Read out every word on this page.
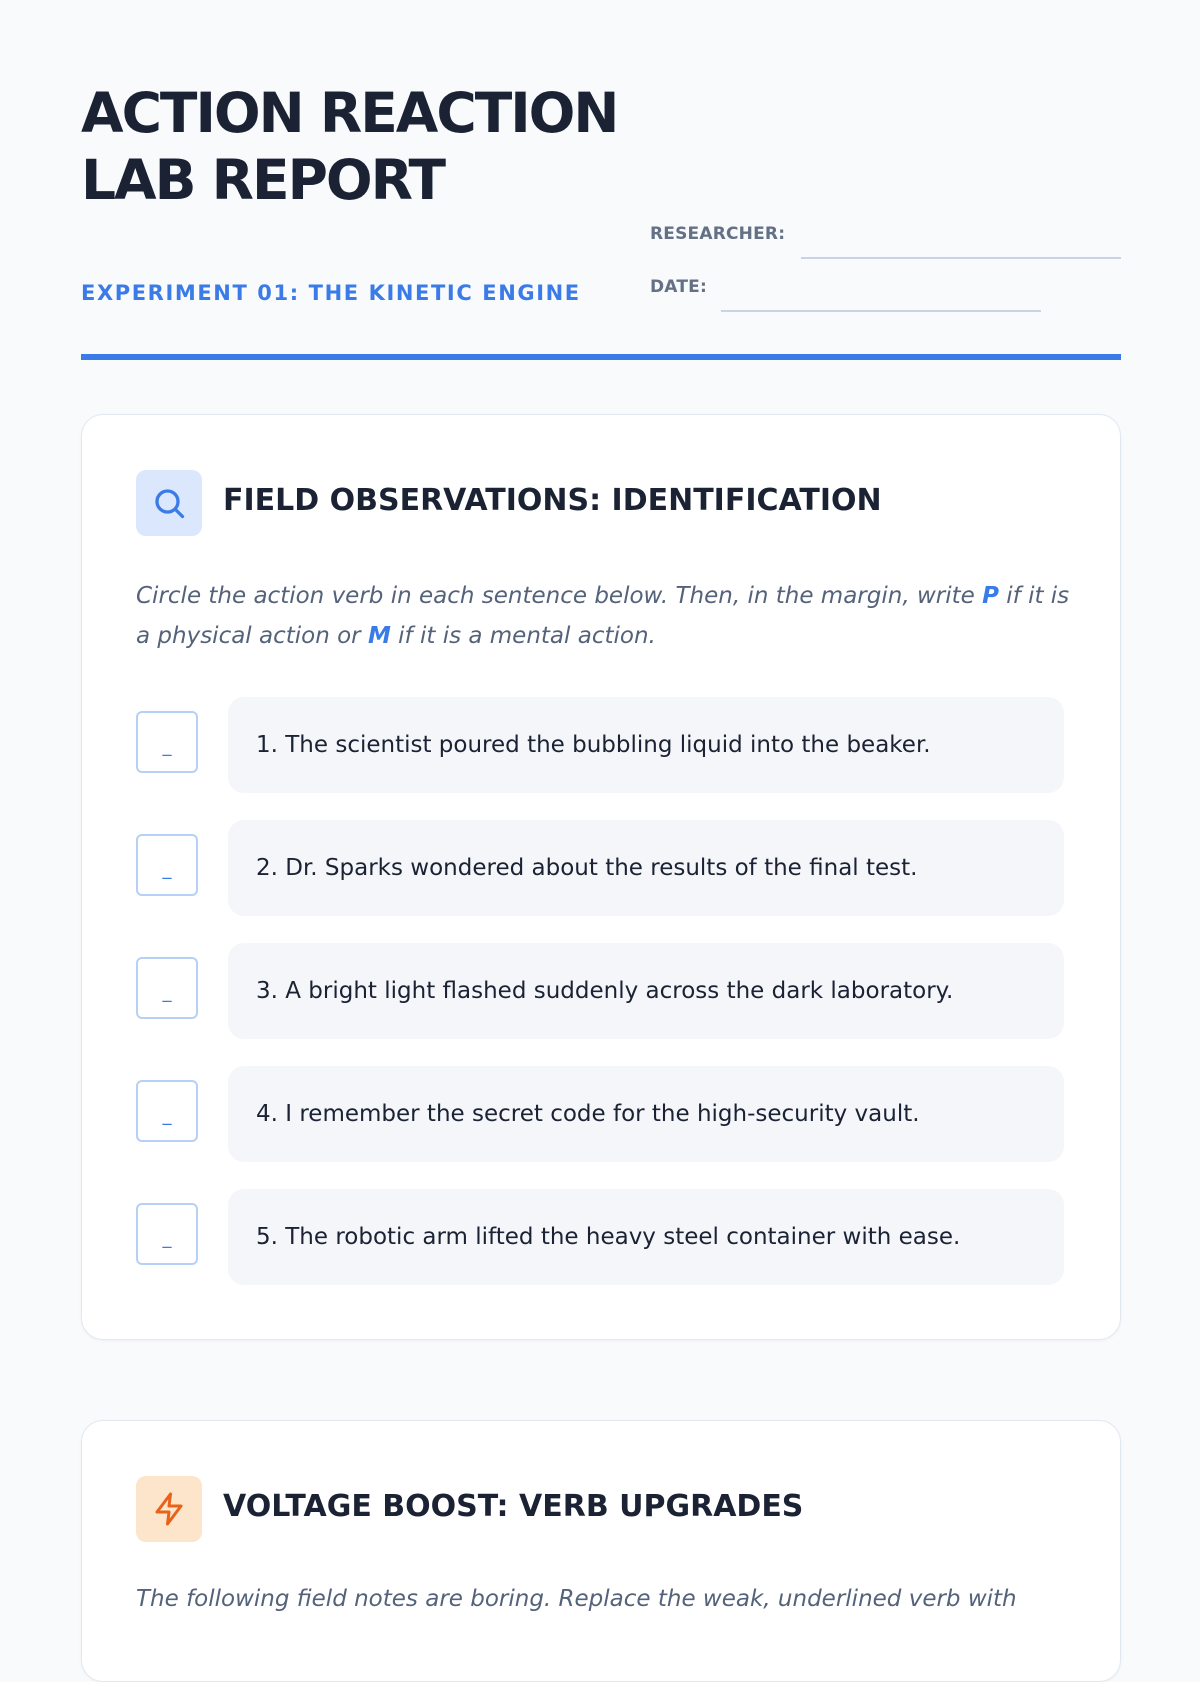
ACTION REACTION LAB REPORT
EXPERIMENT 01: THE KINETIC ENGINE
RESEARCHER:
DATE:
FIELD OBSERVATIONS: IDENTIFICATION

Circle the action verb in each sentence below. Then, in the margin, write P if it is a physical action or M if it is a mental action.

_	1. The scientist poured the bubbling liquid into the beaker.
_	2. Dr. Sparks wondered about the results of the final test.
_	3. A bright light flashed suddenly across the dark laboratory.
_	4. I remember the secret code for the high-security vault.
_	5. The robotic arm lifted the heavy steel container with ease.
VOLTAGE BOOST: VERB UPGRADES

The following field notes are boring. Replace the weak, underlined verb with
